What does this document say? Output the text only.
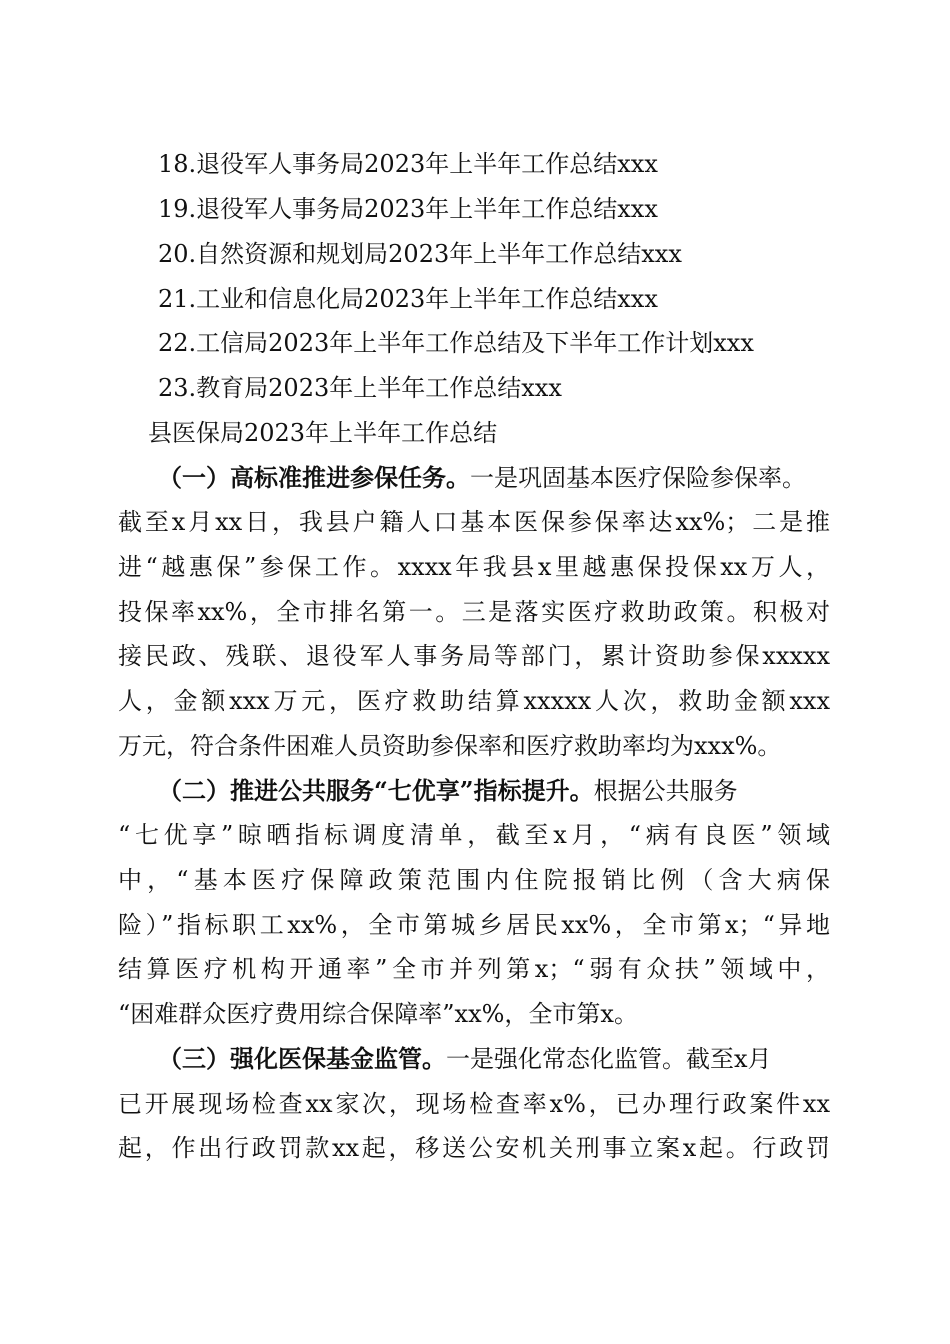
18.退役军人事务局2023年上半年工作总结xxx
19.退役军人事务局2023年上半年工作总结xxx
20.自然资源和规划局2023年上半年工作总结xxx
21.工业和信息化局2023年上半年工作总结xxx
22.工信局2023年上半年工作总结及下半年工作计划xxx
23.教育局2023年上半年工作总结xxx
县医保局2023年上半年工作总结
（一）高标准推进参保任务。一是巩固基本医疗保险参保率。
截至x月xx日，我县户籍人口基本医保参保率达xx%；二是推
进“越惠保”参保工作。xxxx年我县x里越惠保投保xx万人，
投保率xx%，全市排名第一。三是落实医疗救助政策。积极对
接民政、残联、退役军人事务局等部门，累计资助参保xxxxx
人，金额xxx万元，医疗救助结算xxxxx人次，救助金额xxx
万元，符合条件困难人员资助参保率和医疗救助率均为xxx%。
（二）推进公共服务“七优享”指标提升。根据公共服务
“七优享”晾晒指标调度清单，截至x月，“病有良医”领域
中，“基本医疗保障政策范围内住院报销比例（含大病保
险）”指标职工xx%，全市第城乡居民xx%，全市第x；“异地
结算医疗机构开通率”全市并列第x；“弱有众扶”领域中，
“困难群众医疗费用综合保障率”xx%，全市第x。
（三）强化医保基金监管。一是强化常态化监管。截至x月
已开展现场检查xx家次，现场检查率x%，已办理行政案件xx
起，作出行政罚款xx起，移送公安机关刑事立案x起。行政罚
